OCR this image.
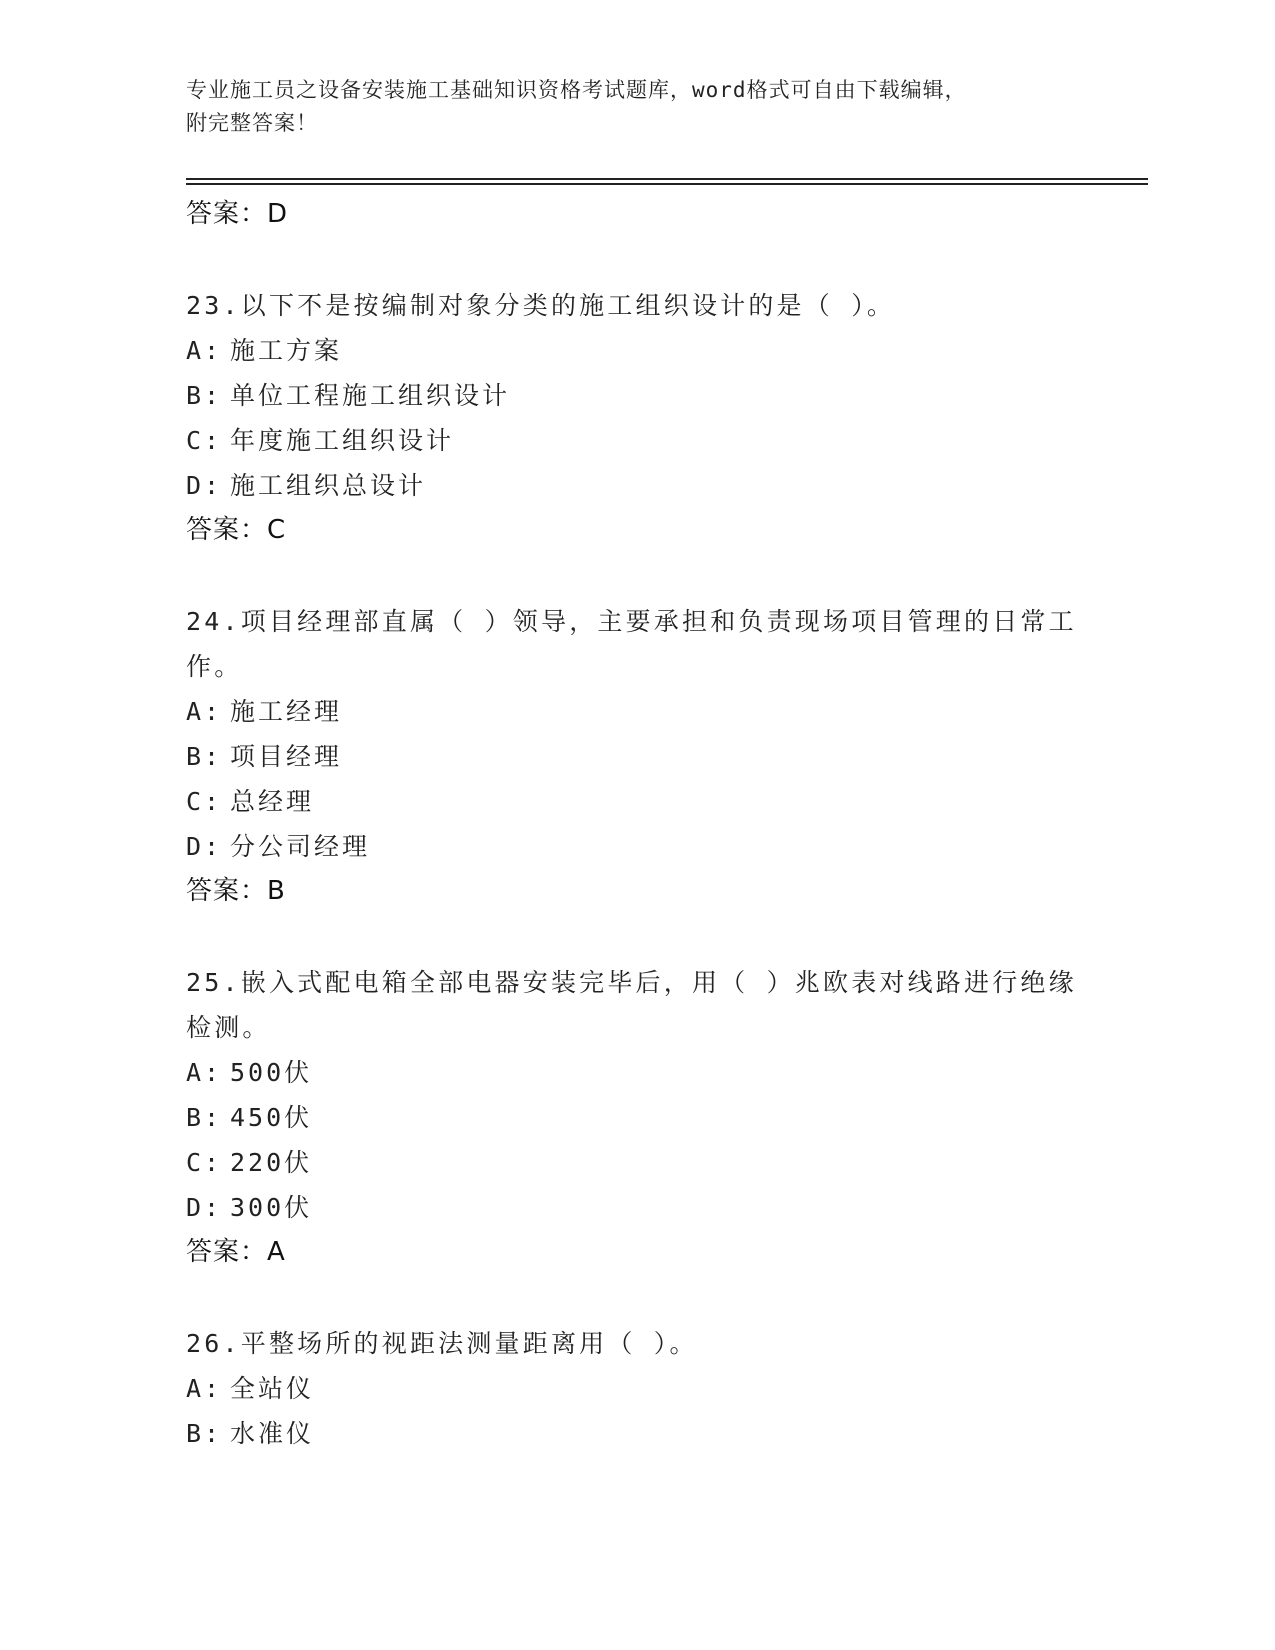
专业施工员之设备安装施工基础知识资格考试题库，word格式可自由下载编辑，
附完整答案！
答案：D
23.以下不是按编制对象分类的施工组织设计的是（ ）。
A: 施工方案
B: 单位工程施工组织设计
C: 年度施工组织设计
D: 施工组织总设计
答案：C
24.项目经理部直属（ ）领导，主要承担和负责现场项目管理的日常工作。
A: 施工经理
B: 项目经理
C: 总经理
D: 分公司经理
答案：B
25.嵌入式配电箱全部电器安装完毕后，用（ ）兆欧表对线路进行绝缘检测。
A: 500伏
B: 450伏
C: 220伏
D: 300伏
答案：A
26.平整场所的视距法测量距离用（ ）。
A: 全站仪
B: 水准仪
